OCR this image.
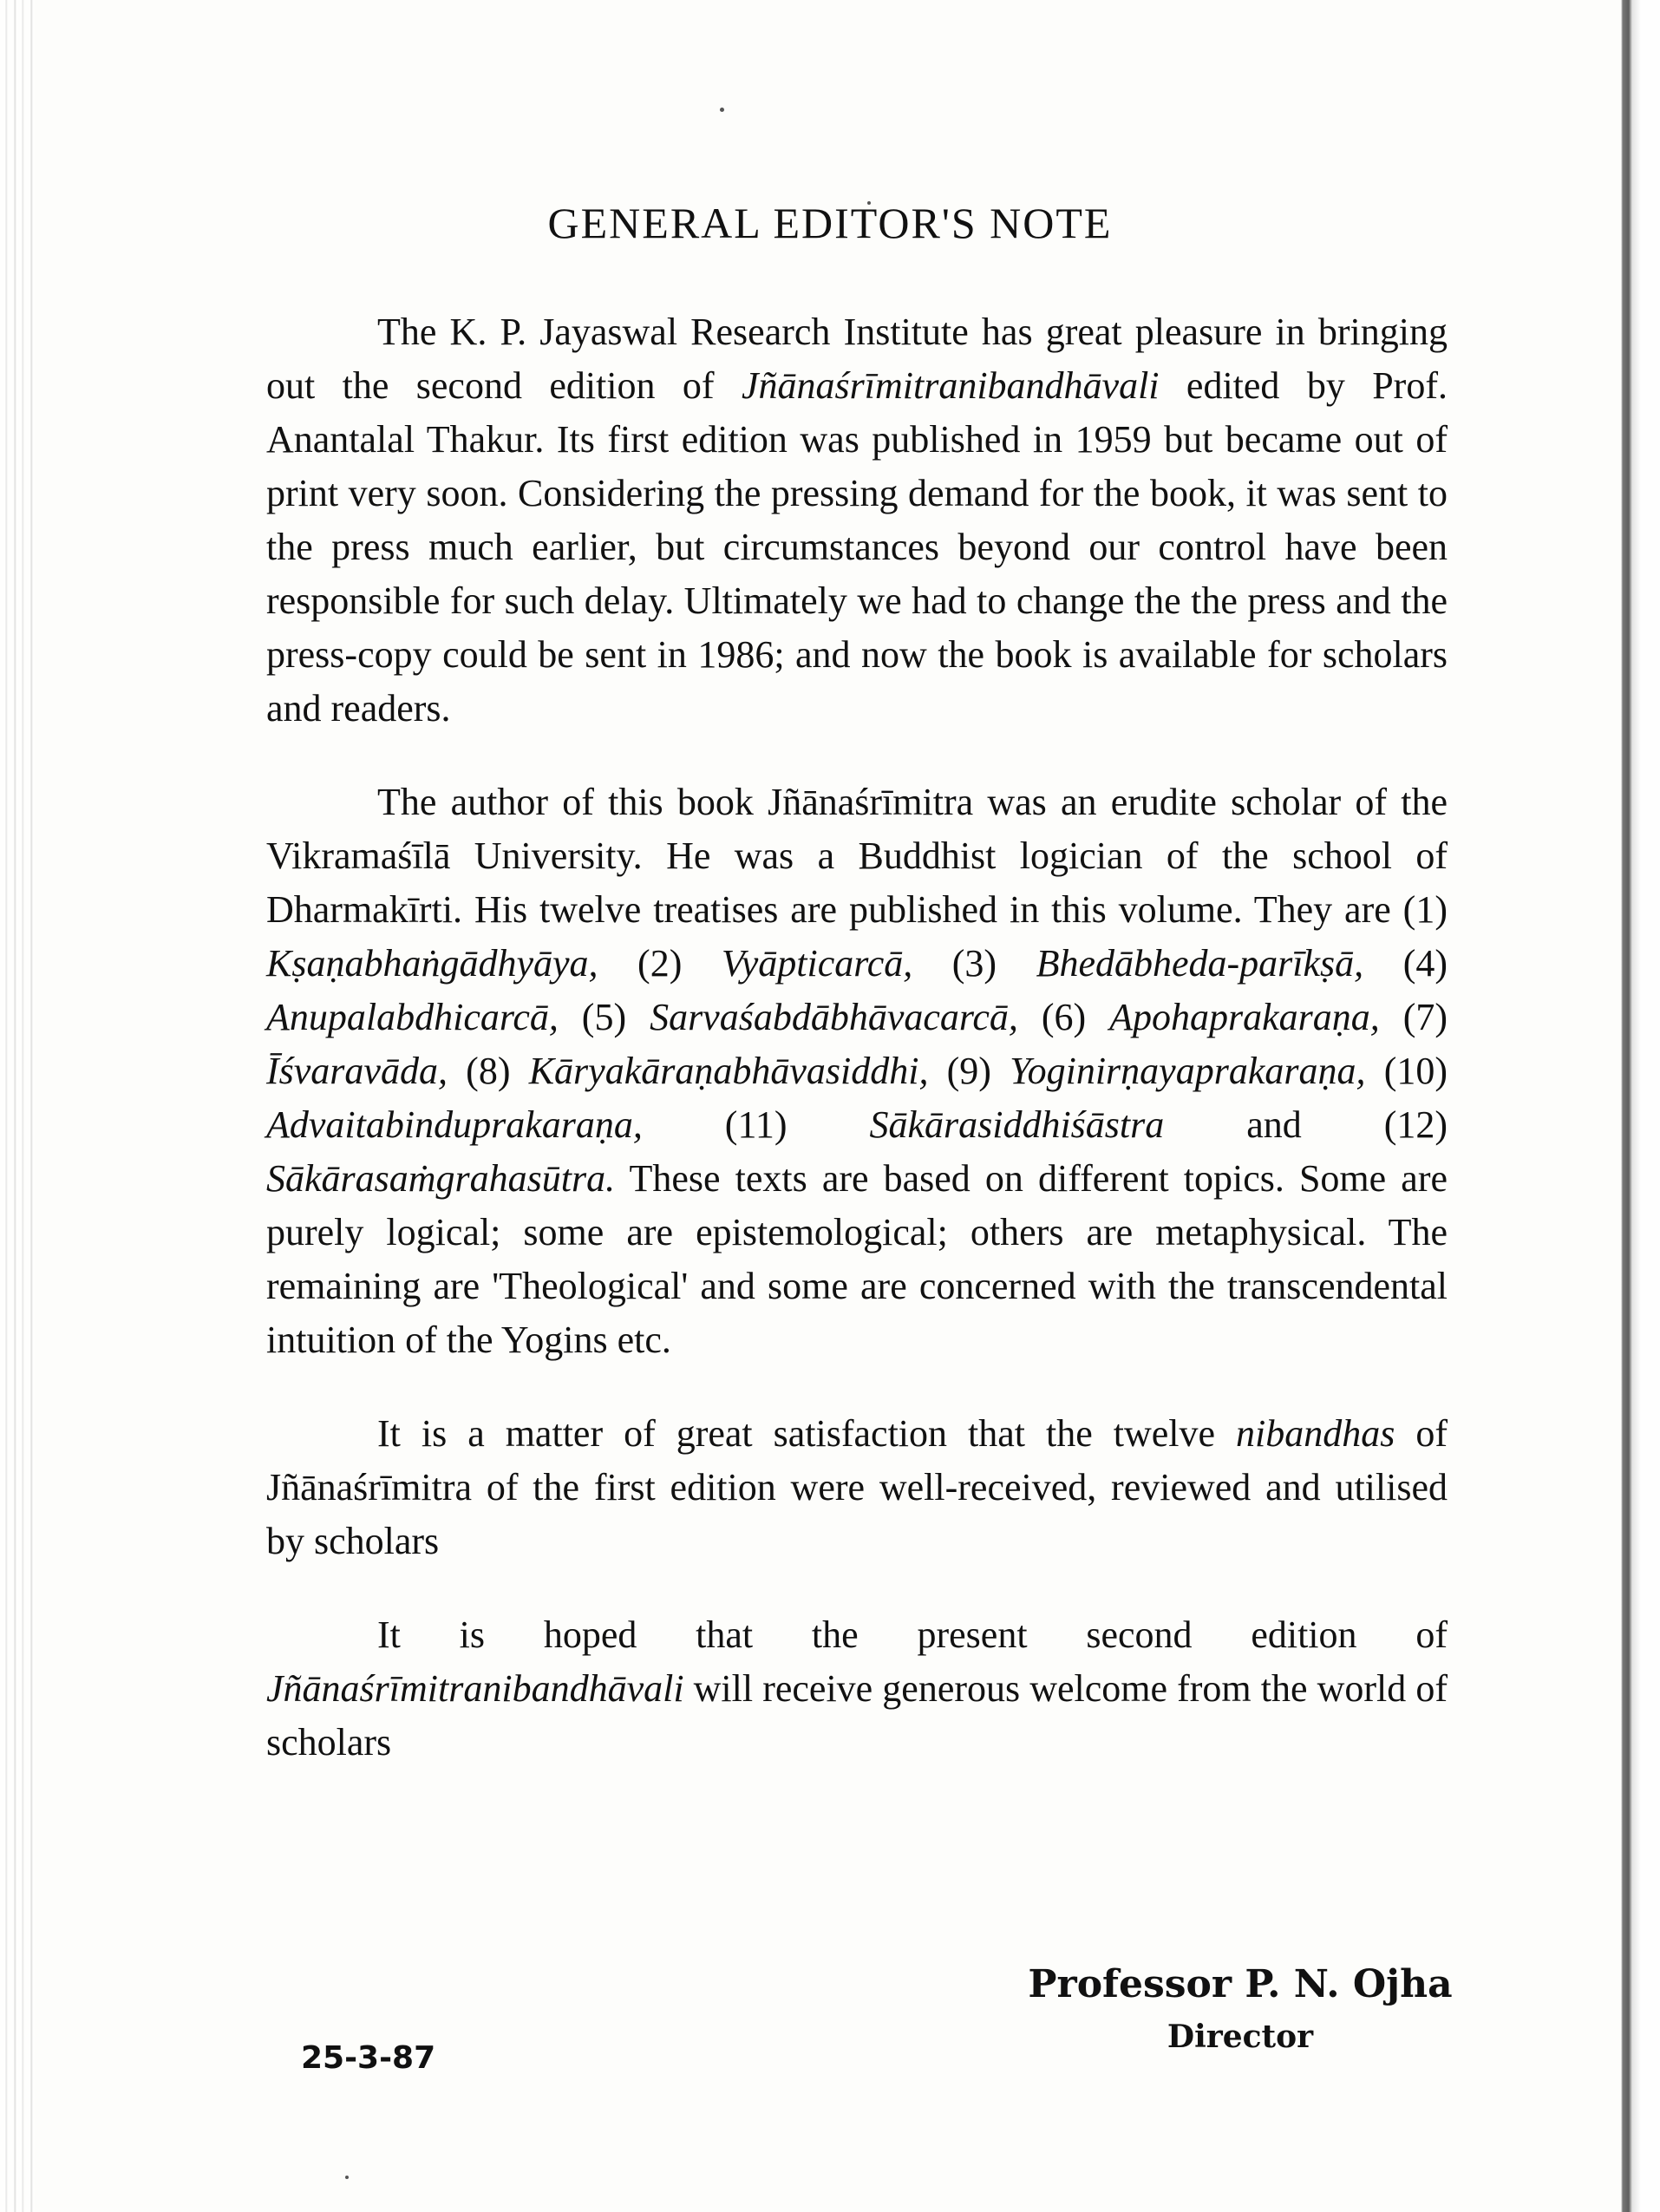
GENERAL EDITOR'S NOTE

The K. P. Jayaswal Research Institute has great pleasure in bringing out the second edition of Jñānaśrīmitranibandhāvali edited by Prof. Anantalal Thakur. Its first edition was published in 1959 but became out of print very soon. Considering the pressing demand for the book, it was sent to the press much earlier, but circumstances beyond our control have been responsible for such delay. Ultimately we had to change the the press and the press-copy could be sent in 1986; and now the book is available for scholars and readers.

The author of this book Jñānaśrīmitra was an erudite scholar of the Vikramaśīlā University. He was a Buddhist logician of the school of Dharmakīrti. His twelve treatises are published in this volume. They are (1) Kṣaṇabhaṅgādhyāya, (2) Vyāpticarcā, (3) Bhedābheda-parīkṣā, (4) Anupalabdhicarcā, (5) Sarvaśabdābhāvacarcā, (6) Apohaprakaraṇa, (7) Īśvaravāda, (8) Kāryakāraṇabhāvasiddhi, (9) Yoginirṇayaprakaraṇa, (10) Advaitabinduprakaraṇa, (11) Sākārasiddhiśāstra and (12) Sākārasaṁgrahasūtra. These texts are based on different topics. Some are purely logical; some are epistemological; others are metaphysical. The remaining are 'Theological' and some are concerned with the transcendental intuition of the Yogins etc.

It is a matter of great satisfaction that the twelve nibandhas of Jñānaśrīmitra of the first edition were well-received, reviewed and utilised by scholars

It is hoped that the present second edition of Jñānaśrīmitranibandhāvali will receive generous welcome from the world of scholars

Professor P. N. Ojha
Director
25-3-87
